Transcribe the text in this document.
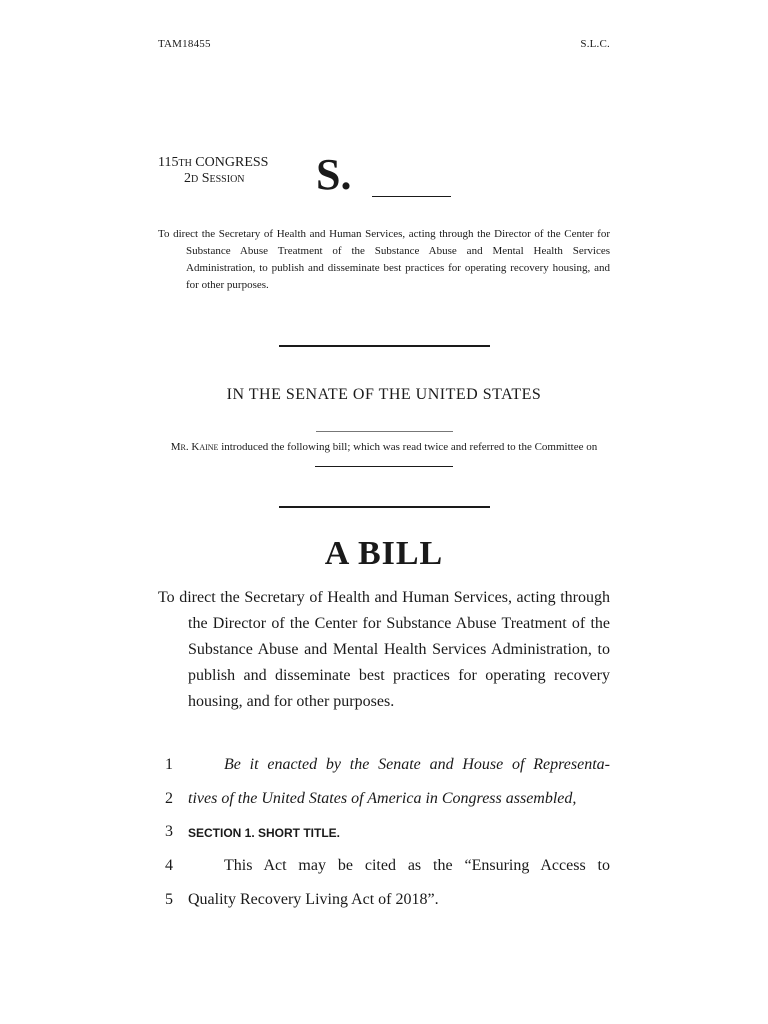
TAM18455	S.L.C.
115th CONGRESS
2d Session	S.
To direct the Secretary of Health and Human Services, acting through the Director of the Center for Substance Abuse Treatment of the Substance Abuse and Mental Health Services Administration, to publish and disseminate best practices for operating recovery housing, and for other purposes.
IN THE SENATE OF THE UNITED STATES
Mr. Kaine introduced the following bill; which was read twice and referred to the Committee on
A BILL
To direct the Secretary of Health and Human Services, acting through the Director of the Center for Substance Abuse Treatment of the Substance Abuse and Mental Health Services Administration, to publish and disseminate best practices for operating recovery housing, and for other purposes.
1	Be it enacted by the Senate and House of Representa-
2 tives of the United States of America in Congress assembled,
3 SECTION 1. SHORT TITLE.
4	This Act may be cited as the “Ensuring Access to
5 Quality Recovery Living Act of 2018”.
